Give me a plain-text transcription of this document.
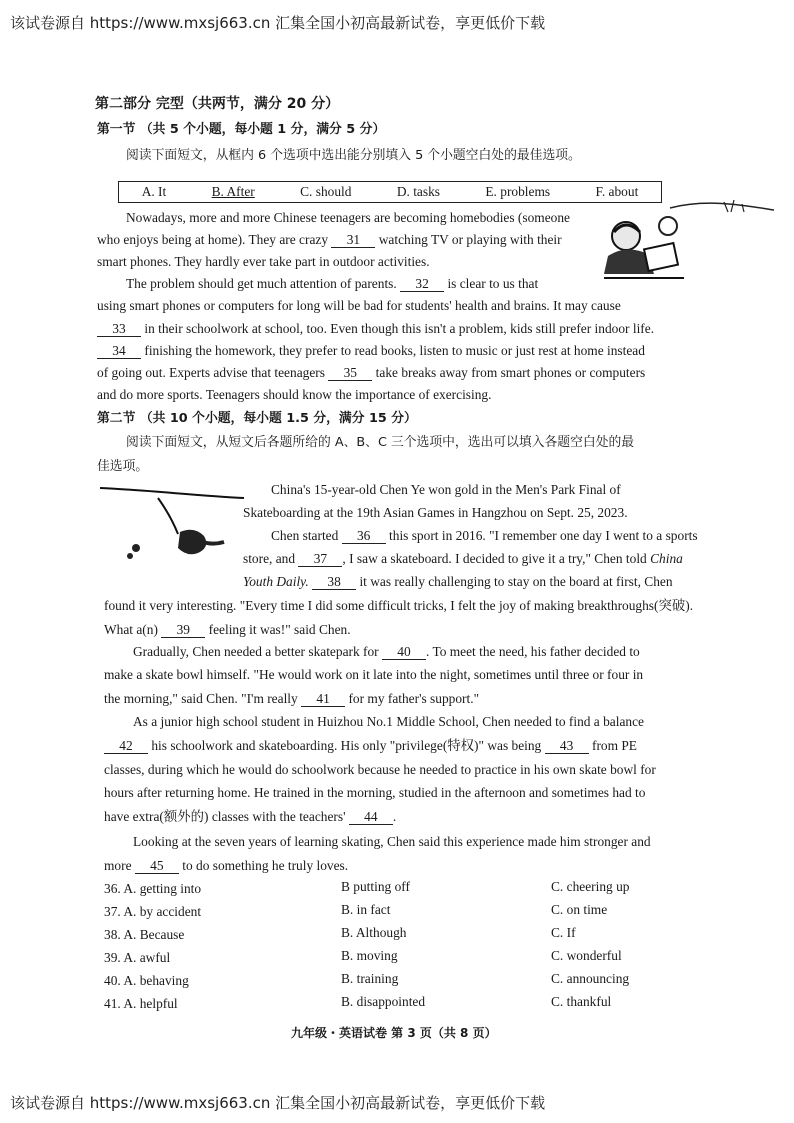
该试卷源自 https://www.mxsj663.cn 汇集全国小初高最新试卷，享更低价下载
该试卷源自 https://www.mxsj663.cn 汇集全国小初高最新试卷，享更低价下载
第二部分 完型（共两节，满分 20 分）
第一节 （共 5 个小题，每小题 1 分，满分 5 分）
阅读下面短文，从框内 6 个选项中选出能分别填入 5 个小题空白处的最佳选项。
A. It	B. After	C. should	D. tasks	E. problems	F. about
Nowadays, more and more Chinese teenagers are becoming homebodies (someone
who enjoys being at home). They are crazy 31 watching TV or playing with their
smart phones. They hardly ever take part in outdoor activities.
The problem should get much attention of parents. 32 is clear to us that
using smart phones or computers for long will be bad for students' health and brains. It may cause
33 in their schoolwork at school, too. Even though this isn't a problem, kids still prefer indoor life.
34 finishing the homework, they prefer to read books, listen to music or just rest at home instead
of going out. Experts advise that teenagers 35 take breaks away from smart phones or computers
and do more sports. Teenagers should know the importance of exercising.
第二节 （共 10 个小题，每小题 1.5 分，满分 15 分）
阅读下面短文，从短文后各题所给的 A、B、C 三个选项中，选出可以填入各题空白处的最
佳选项。
China's 15-year-old Chen Ye won gold in the Men's Park Final of
Skateboarding at the 19th Asian Games in Hangzhou on Sept. 25, 2023.
Chen started 36 this sport in 2016. "I remember one day I went to a sports
store, and 37 , I saw a skateboard. I decided to give it a try," Chen told China
Youth Daily. 38 it was really challenging to stay on the board at first, Chen
found it very interesting. "Every time I did some difficult tricks, I felt the joy of making breakthroughs(突破).
What a(n) 39 feeling it was!" said Chen.
Gradually, Chen needed a better skatepark for 40 . To meet the need, his father decided to
make a skate bowl himself. "He would work on it late into the night, sometimes until three or four in
the morning," said Chen. "I'm really 41 for my father's support."
As a junior high school student in Huizhou No.1 Middle School, Chen needed to find a balance
42 his schoolwork and skateboarding. His only "privilege(特权)" was being 43 from PE
classes, during which he would do schoolwork because he needed to practice in his own skate bowl for
hours after returning home. He trained in the morning, studied in the afternoon and sometimes had to
have extra(额外的) classes with the teachers' 44 .
Looking at the seven years of learning skating, Chen said this experience made him stronger and
more 45 to do something he truly loves.
36. A. getting into	B putting off	C. cheering up
37. A. by accident	B. in fact	C. on time
38. A. Because	B. Although	C. If
39. A. awful	B. moving	C. wonderful
40. A. behaving	B. training	C. announcing
41. A. helpful	B. disappointed	C. thankful
九年级・英语试卷 第 3 页（共 8 页）
